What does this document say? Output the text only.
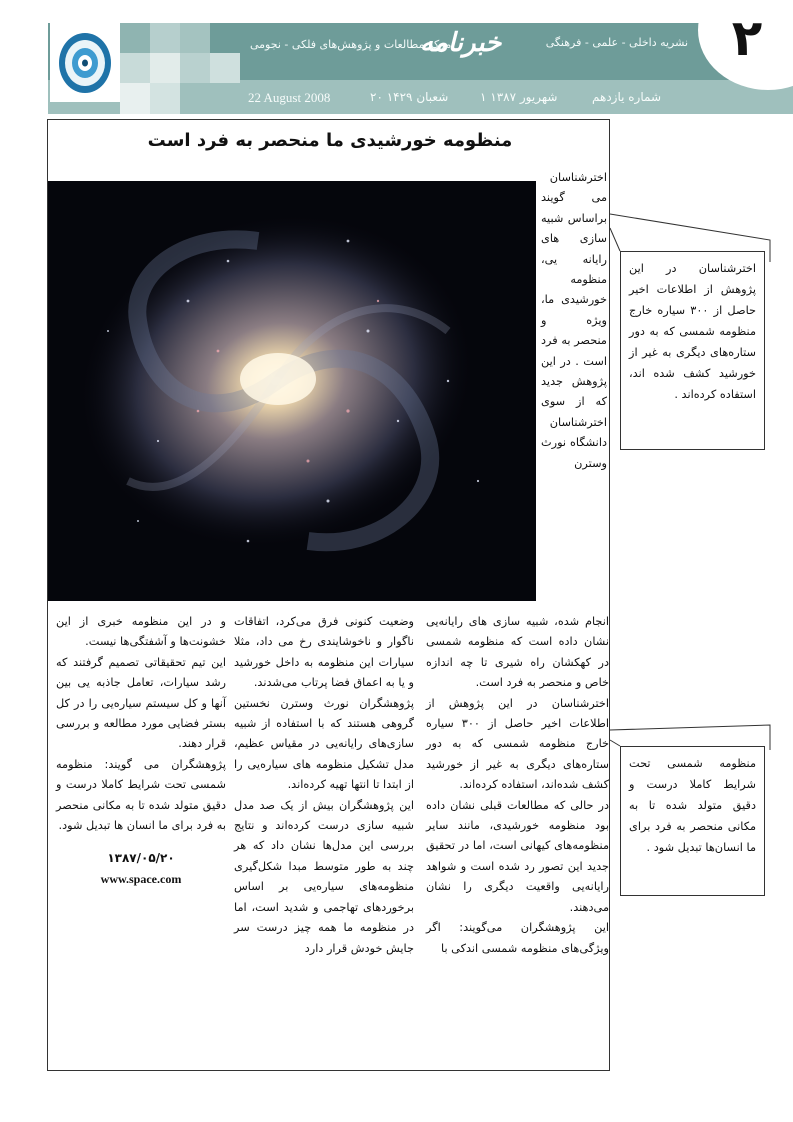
۲
نشریه داخلی - علمی - فرهنگی
خبرنامه
مرکز مطالعات و پژوهش‌های فلکی - نجومی
شماره یازدهم
۱ شهریور ۱۳۸۷
۲۰ شعبان ۱۴۲۹
22 August 2008
منظومه خورشیدی ما منحصر به فرد است
اخترشناسان می گویند براساس شبیه سازی های رایانه یی، منظومه خورشیدی ما، ویژه و منحصر به فرد است . در این پژوهش جدید که از سوی اخترشناسان دانشگاه نورث وسترن

انجام شده، شبیه سازی های رایانه‌یی نشان داده است که منظومه شمسی در کهکشان راه شیری تا چه اندازه خاص و منحصر به فرد است.

اخترشناسان در این پژوهش از اطلاعات اخیر حاصل از ۳۰۰ سیاره خارج منظومه شمسی که به دور ستاره‌های دیگری به غیر از خورشید کشف شده‌اند، استفاده کرده‌اند.

در حالی که مطالعات قبلی نشان داده بود منظومه خورشیدی، مانند سایر منظومه‌های کیهانی است، اما در تحقیق جدید این تصور رد شده است و شواهد رایانه‌یی واقعیت دیگری را نشان می‌دهند.

این پژوهشگران می‌گویند: اگر ویژگی‌های منظومه شمسی اندکی با

وضعیت کنونی فرق می‌کرد، اتفاقات ناگوار و ناخوشایندی رخ می داد، مثلا سیارات این منظومه به داخل خورشید و یا به اعماق فضا پرتاب می‌شدند.

پژوهشگران نورث وسترن نخستین گروهی هستند که با استفاده از شبیه سازی‌های رایانه‌یی در مقیاس عظیم، مدل تشکیل منظومه های سیاره‌یی را از ابتدا تا انتها تهیه کرده‌اند.

این پژوهشگران بیش از یک صد مدل شبیه سازی درست کرده‌اند و نتایج بررسی این مدل‌ها نشان داد که هر چند به طور متوسط مبدا شکل‌گیری منظومه‌های سیاره‌یی بر اساس برخوردهای تهاجمی و شدید است، اما در منظومه ما همه چیز درست سر جایش خودش قرار دارد

و در این منظومه خبری از این خشونت‌ها و آشفتگی‌ها نیست.

این تیم تحقیقاتی تصمیم گرفتند که رشد سیارات، تعامل جاذبه یی بین آنها و کل سیستم سیاره‌یی را در کل بستر فضایی مورد مطالعه و بررسی قرار دهند.

پژوهشگران می گویند: منظومه شمسی تحت شرایط کاملا درست و دقیق متولد شده تا به مکانی منحصر به فرد برای ما انسان ها تبدیل شود.

۱۳۸۷/۰۵/۲۰

www.space.com

اخترشناسان در این پژوهش از اطلاعات اخیر حاصل از ۳۰۰ سیاره خارج منظومه شمسی که به دور ستاره‌های دیگری به غیر از خورشید کشف شده اند، استفاده کرده‌اند .
منظومه شمسی تحت شرایط کاملا درست و دقیق متولد شده تا به مکانی منحصر به فرد برای ما انسان‌ها تبدیل شود .
